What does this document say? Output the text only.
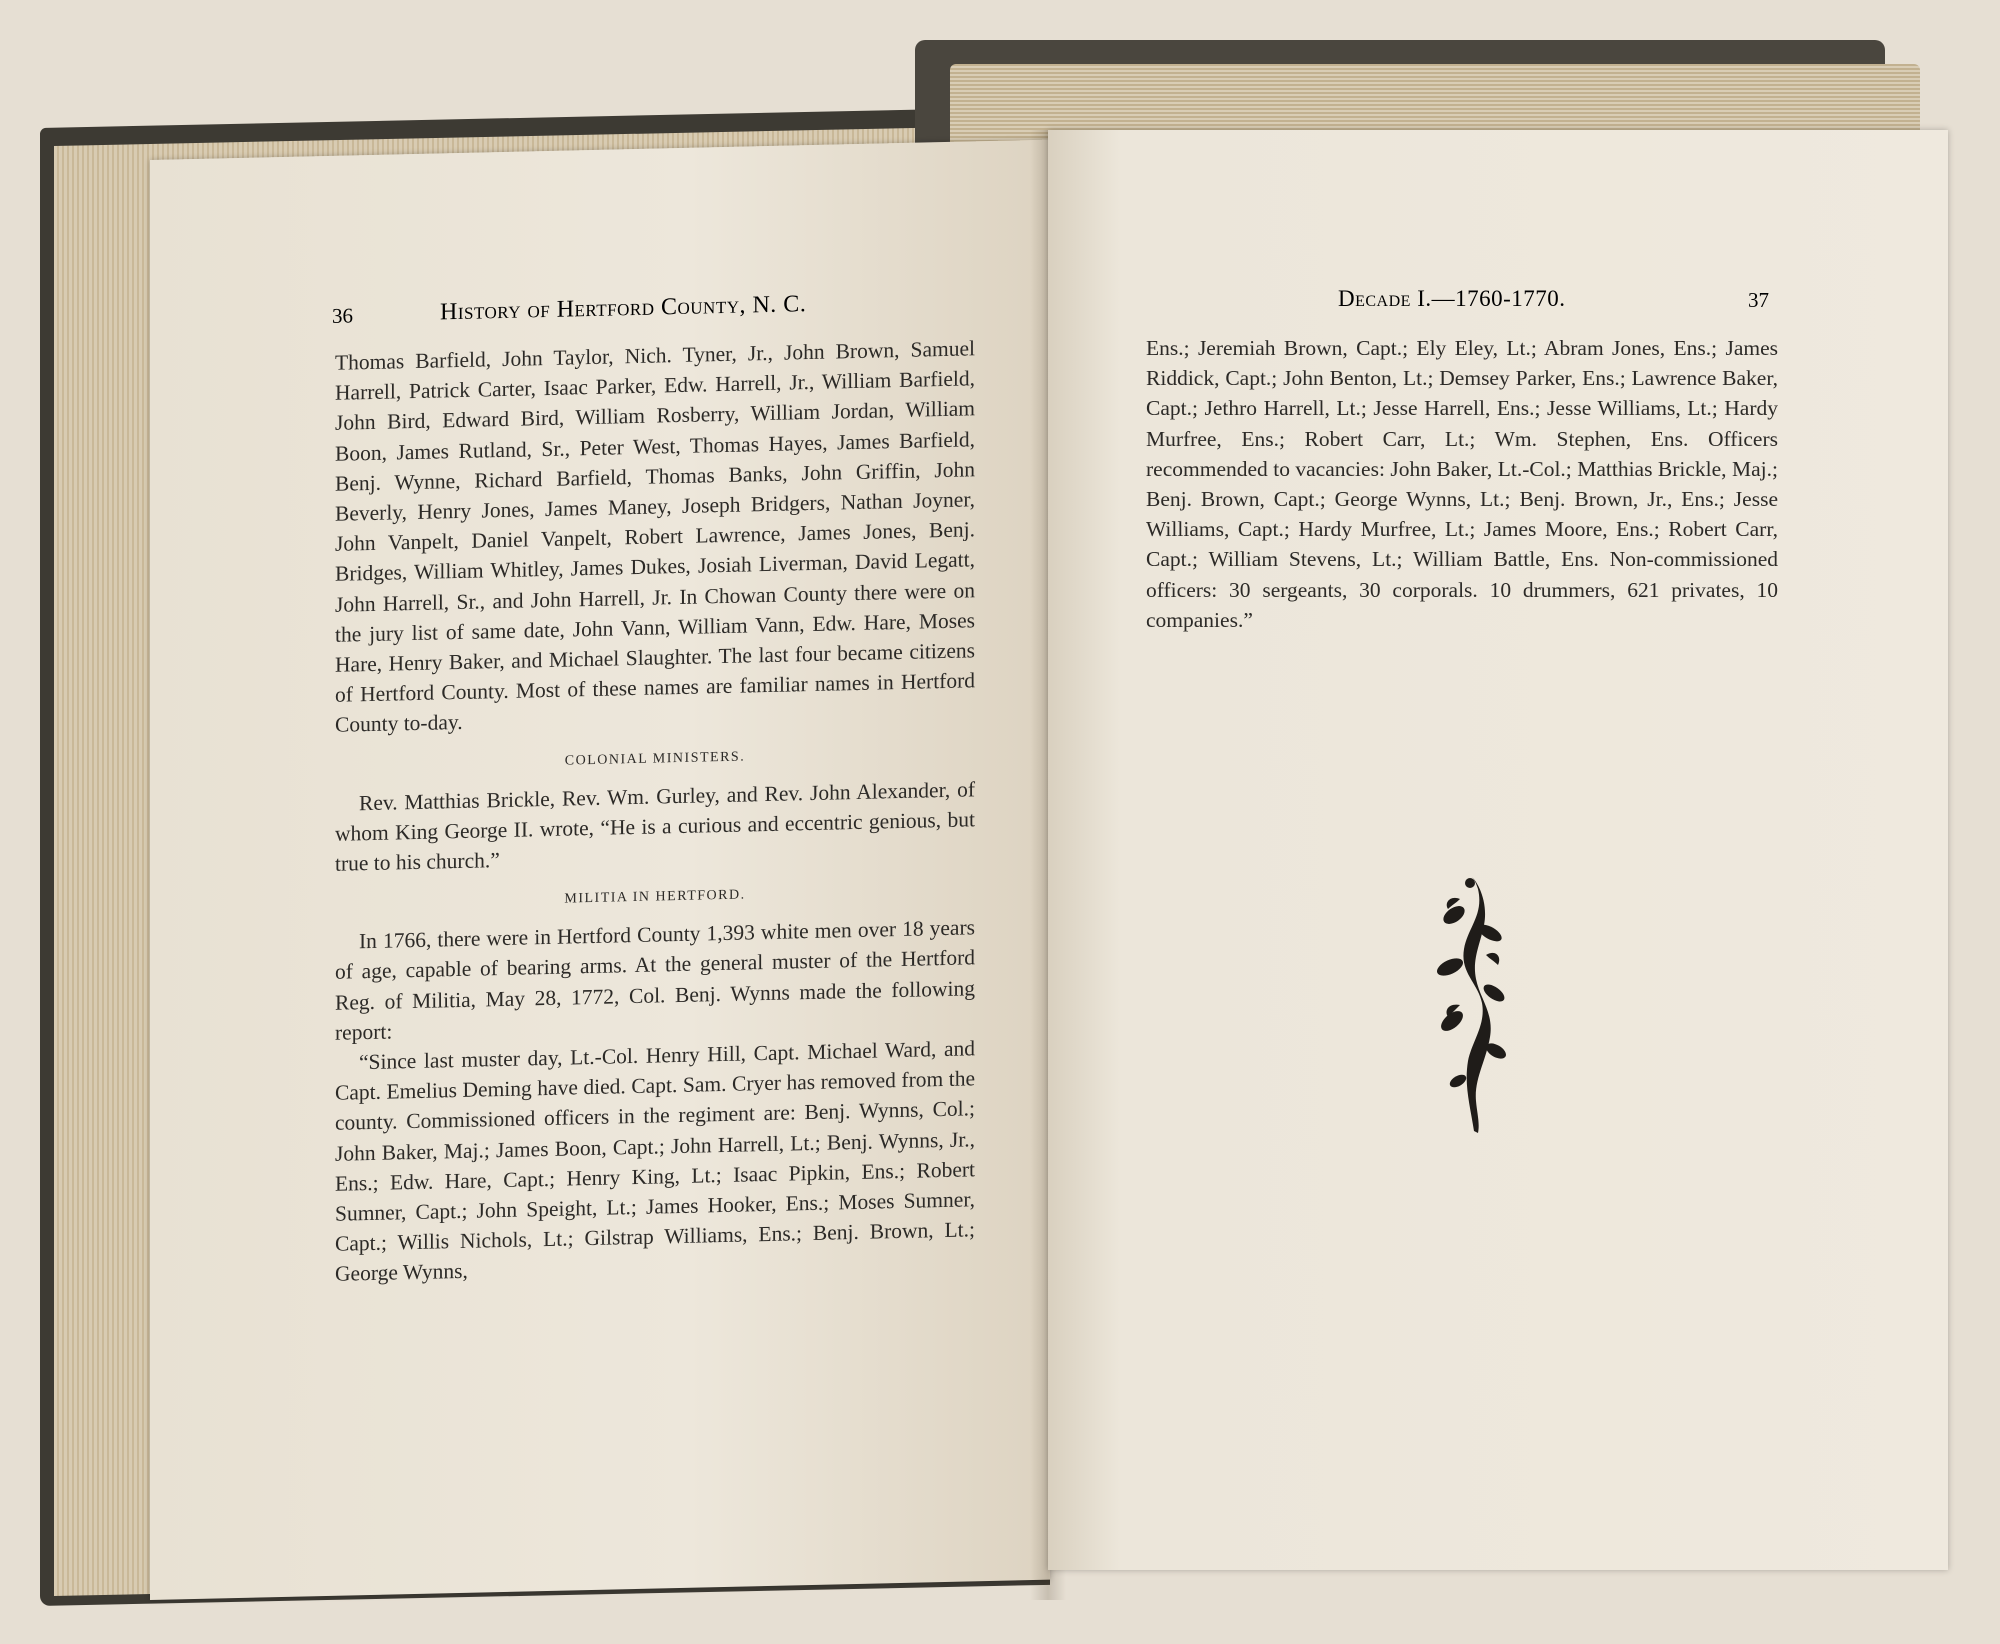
36	History of Hertford County, N. C.

Thomas Barfield, John Taylor, Nich. Tyner, Jr., John Brown, Samuel Harrell, Patrick Carter, Isaac Parker, Edw. Harrell, Jr., William Barfield, John Bird, Edward Bird, William Rosberry, William Jordan, William Boon, James Rutland, Sr., Peter West, Thomas Hayes, James Barfield, Benj. Wynne, Richard Barfield, Thomas Banks, John Griffin, John Beverly, Henry Jones, James Maney, Joseph Bridgers, Nathan Joyner, John Vanpelt, Daniel Vanpelt, Robert Lawrence, James Jones, Benj. Bridges, William Whitley, James Dukes, Josiah Liverman, David Legatt, John Harrell, Sr., and John Harrell, Jr. In Chowan County there were on the jury list of same date, John Vann, William Vann, Edw. Hare, Moses Hare, Henry Baker, and Michael Slaughter. The last four became citizens of Hertford County. Most of these names are familiar names in Hertford County to-day.

COLONIAL MINISTERS.

Rev. Matthias Brickle, Rev. Wm. Gurley, and Rev. John Alexander, of whom King George II. wrote, “He is a curious and eccentric genious, but true to his church.”

MILITIA IN HERTFORD.

In 1766, there were in Hertford County 1,393 white men over 18 years of age, capable of bearing arms. At the general muster of the Hertford Reg. of Militia, May 28, 1772, Col. Benj. Wynns made the following report:

“Since last muster day, Lt.-Col. Henry Hill, Capt. Michael Ward, and Capt. Emelius Deming have died. Capt. Sam. Cryer has removed from the county. Commissioned officers in the regiment are: Benj. Wynns, Col.; John Baker, Maj.; James Boon, Capt.; John Harrell, Lt.; Benj. Wynns, Jr., Ens.; Edw. Hare, Capt.; Henry King, Lt.; Isaac Pipkin, Ens.; Robert Sumner, Capt.; John Speight, Lt.; James Hooker, Ens.; Moses Sumner, Capt.; Willis Nichols, Lt.; Gilstrap Williams, Ens.; Benj. Brown, Lt.; George Wynns,

Decade I.—1760-1770.	37

Ens.; Jeremiah Brown, Capt.; Ely Eley, Lt.; Abram Jones, Ens.; James Riddick, Capt.; John Benton, Lt.; Demsey Parker, Ens.; Lawrence Baker, Capt.; Jethro Harrell, Lt.; Jesse Harrell, Ens.; Jesse Williams, Lt.; Hardy Murfree, Ens.; Robert Carr, Lt.; Wm. Stephen, Ens. Officers recommended to vacancies: John Baker, Lt.-Col.; Matthias Brickle, Maj.; Benj. Brown, Capt.; George Wynns, Lt.; Benj. Brown, Jr., Ens.; Jesse Williams, Capt.; Hardy Murfree, Lt.; James Moore, Ens.; Robert Carr, Capt.; William Stevens, Lt.; William Battle, Ens. Non-commissioned officers: 30 sergeants, 30 corporals. 10 drummers, 621 privates, 10 companies.”
